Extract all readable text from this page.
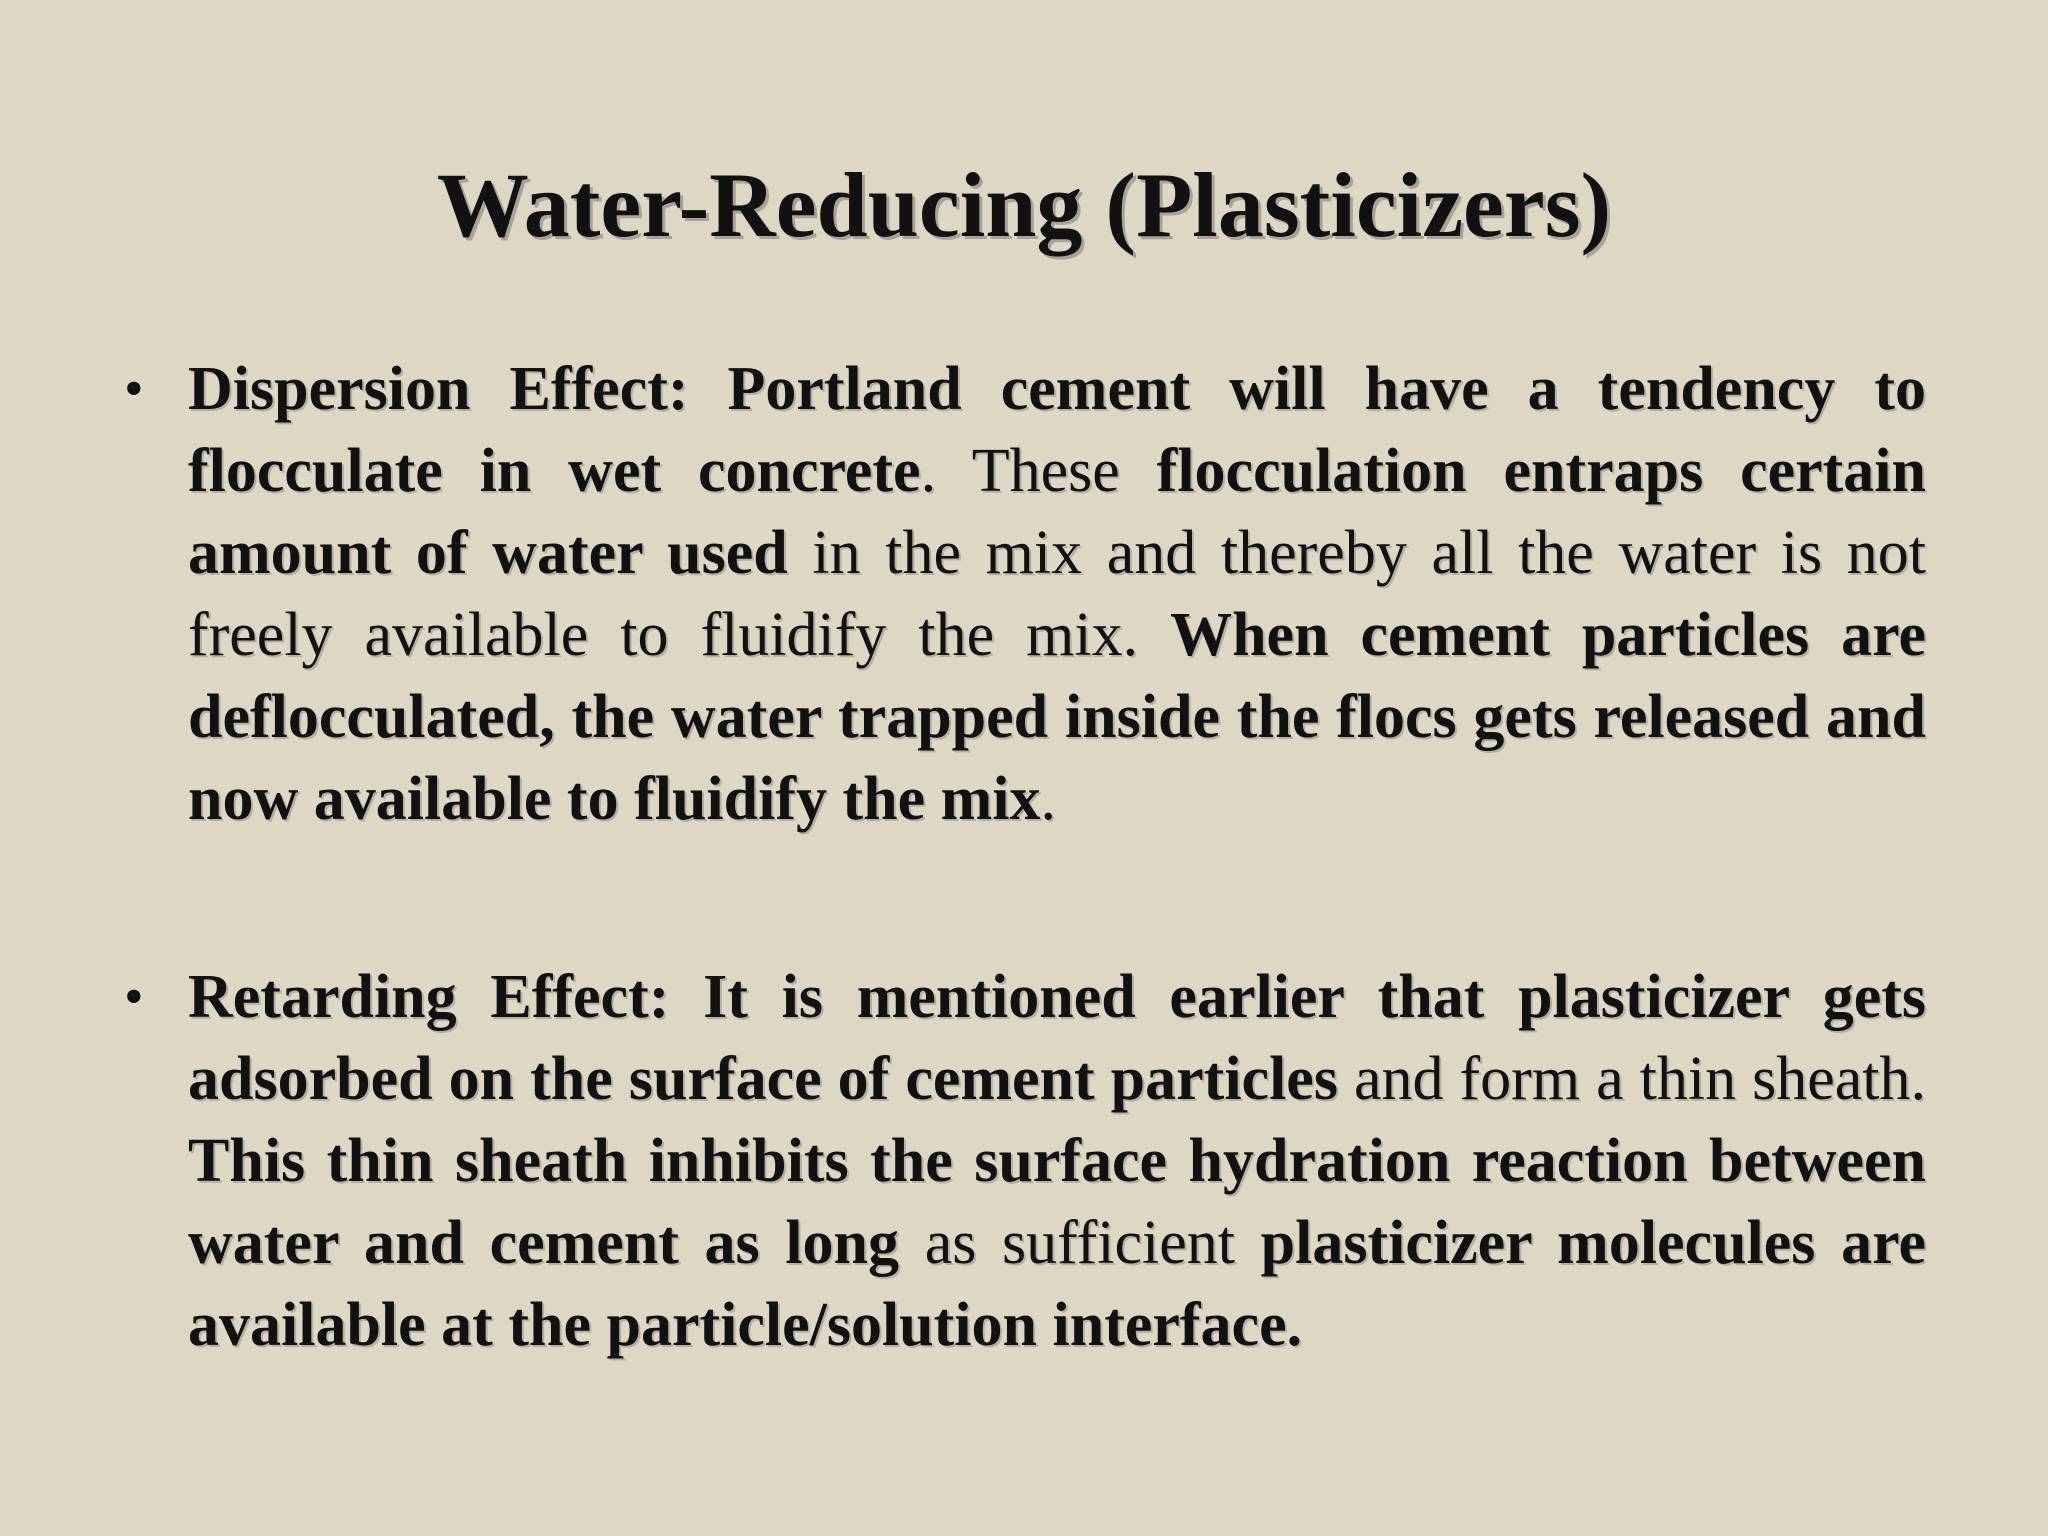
Water-Reducing (Plasticizers)
• Dispersion Effect: Portland cement will have a tendency to flocculate in wet concrete. These flocculation entraps certain amount of water used in the mix and thereby all the water is not freely available to fluidify the mix. When cement particles are deflocculated, the water trapped inside the flocs gets released and now available to fluidify the mix.
• Retarding Effect: It is mentioned earlier that plasticizer gets adsorbed on the surface of cement particles and form a thin sheath. This thin sheath inhibits the surface hydration reaction between water and cement as long as sufficient plasticizer molecules are available at the particle/solution interface.
